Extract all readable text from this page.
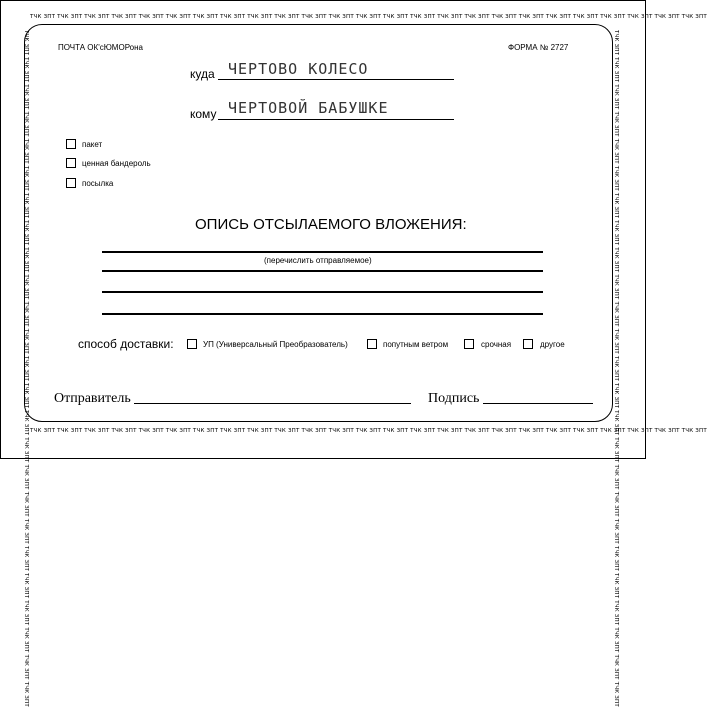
ТЧК ЗПТ ТЧК ЗПТ ТЧК ЗПТ ТЧК ЗПТ ТЧК ЗПТ ТЧК ЗПТ ТЧК ЗПТ ТЧК ЗПТ ТЧК ЗПТ ТЧК ЗПТ ТЧК ЗПТ ТЧК ЗПТ ТЧК ЗПТ ТЧК ЗПТ ТЧК ЗПТ ТЧК ЗПТ ТЧК ЗПТ ТЧК ЗПТ ТЧК ЗПТ ТЧК ЗПТ ТЧК ЗПТ ТЧК ЗПТ ТЧК ЗПТ ТЧК ЗПТ ТЧК ЗПТ
ТЧК ЗПТ ТЧК ЗПТ ТЧК ЗПТ ТЧК ЗПТ ТЧК ЗПТ ТЧК ЗПТ ТЧК ЗПТ ТЧК ЗПТ ТЧК ЗПТ ТЧК ЗПТ ТЧК ЗПТ ТЧК ЗПТ ТЧК ЗПТ ТЧК ЗПТ ТЧК ЗПТ ТЧК ЗПТ ТЧК ЗПТ ТЧК ЗПТ ТЧК ЗПТ ТЧК ЗПТ ТЧК ЗПТ ТЧК ЗПТ ТЧК ЗПТ ТЧК ЗПТ ТЧК ЗПТ
ТЧК ЗПТ ТЧК ЗПТ ТЧК ЗПТ ТЧК ЗПТ ТЧК ЗПТ ТЧК ЗПТ ТЧК ЗПТ ТЧК ЗПТ ТЧК ЗПТ ТЧК ЗПТ ТЧК ЗПТ ТЧК ЗПТ ТЧК ЗПТ ТЧК ЗПТ ТЧК ЗПТ ТЧК ЗПТ ТЧК ЗПТ ТЧК ЗПТ ТЧК ЗПТ ТЧК ЗПТ ТЧК ЗПТ ТЧК ЗПТ ТЧК ЗПТ ТЧК ЗПТ ТЧК ЗПТ	ТЧК ЗПТ ТЧК ЗПТ ТЧК ЗПТ ТЧК ЗПТ ТЧК ЗПТ ТЧК ЗПТ ТЧК ЗПТ ТЧК ЗПТ ТЧК ЗПТ ТЧК ЗПТ ТЧК ЗПТ ТЧК ЗПТ ТЧК ЗПТ ТЧК ЗПТ ТЧК ЗПТ ТЧК ЗПТ ТЧК ЗПТ ТЧК ЗПТ ТЧК ЗПТ ТЧК ЗПТ ТЧК ЗПТ ТЧК ЗПТ ТЧК ЗПТ ТЧК ЗПТ ТЧК ЗПТ
ПОЧТА ОК'сЮМОРона	ФОРМА № 2727
куда ЧЕРТОВО КОЛЕСО
кому ЧЕРТОВОЙ БАБУШКЕ
пакет
ценная бандероль
посылка
ОПИСЬ ОТСЫЛАЕМОГО ВЛОЖЕНИЯ:
(перечислить отправляемое)
способ доставки:	УП (Универсальный Преобразователь)	попутным ветром	срочная	другое
Отправитель	Подпись
